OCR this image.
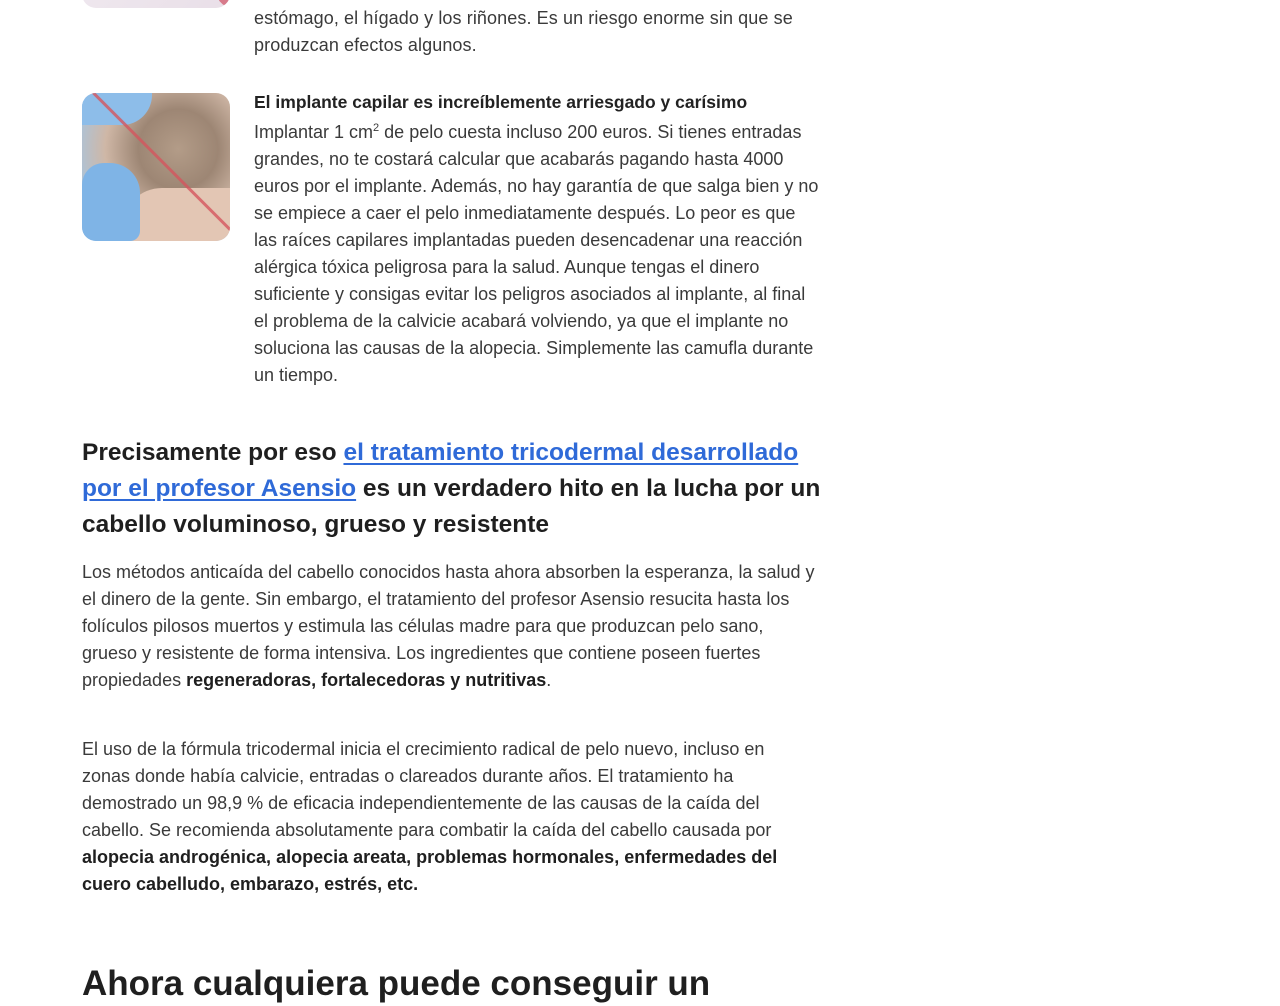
estómago, el hígado y los riñones. Es un riesgo enorme sin que se produzcan efectos algunos.

El implante capilar es increíblemente arriesgado y carísimo

Implantar 1 $cm^2$ de pelo cuesta incluso 200 euros. Si tienes entradas grandes, no te costará calcular que acabarás pagando hasta 4000 euros por el implante. Además, no hay garantía de que salga bien y no se empiece a caer el pelo inmediatamente después. Lo peor es que las raíces capilares implantadas pueden desencadenar una reacción alérgica tóxica peligrosa para la salud. Aunque tengas el dinero suficiente y consigas evitar los peligros asociados al implante, al final el problema de la calvicie acabará volviendo, ya que el implante no soluciona las causas de la alopecia. Simplemente las camufla durante un tiempo.

Precisamente por eso el tratamiento tricodermal desarrollado por el profesor Asensio es un verdadero hito en la lucha por un cabello voluminoso, grueso y resistente

Los métodos anticaída del cabello conocidos hasta ahora absorben la esperanza, la salud y el dinero de la gente. Sin embargo, el tratamiento del profesor Asensio resucita hasta los folículos pilosos muertos y estimula las células madre para que produzcan pelo sano, grueso y resistente de forma intensiva. Los ingredientes que contiene poseen fuertes propiedades regeneradoras, fortalecedoras y nutritivas.

El uso de la fórmula tricodermal inicia el crecimiento radical de pelo nuevo, incluso en zonas donde había calvicie, entradas o clareados durante años. El tratamiento ha demostrado un 98,9 % de eficacia independientemente de las causas de la caída del cabello. Se recomienda absolutamente para combatir la caída del cabello causada por alopecia androgénica, alopecia areata, problemas hormonales, enfermedades del cuero cabelludo, embarazo, estrés, etc.

Ahora cualquiera puede conseguir un
